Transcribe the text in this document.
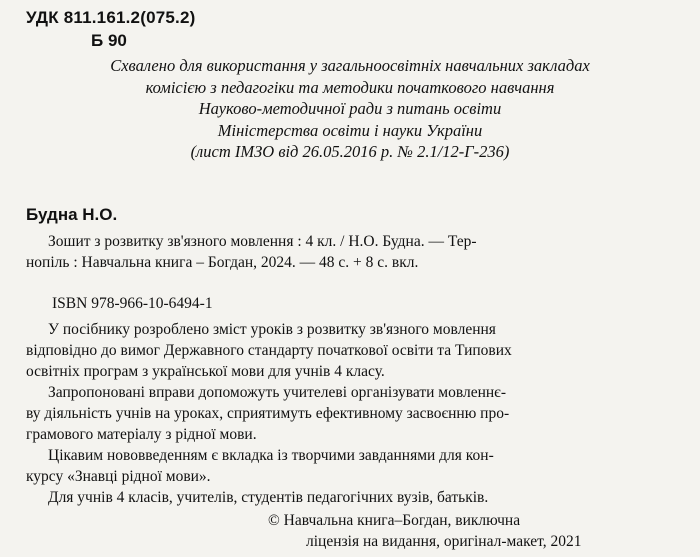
УДК 811.161.2(075.2)
Б 90
Схвалено для використання у загальноосвітніх навчальних закладах
комісією з педагогіки та методики початкового навчання
Науково-методичної ради з питань освіти
Міністерства освіти і науки України
(лист ІМЗО від 26.05.2016 р. № 2.1/12-Г-236)
Будна Н.О.
Зошит з розвитку зв'язного мовлення : 4 кл. / Н.О. Будна. — Тер-
нопіль : Навчальна книга – Богдан, 2024. — 48 с. + 8 с. вкл.
ISBN 978-966-10-6494-1
У посібнику розроблено зміст уроків з розвитку зв'язного мовлення
відповідно до вимог Державного стандарту початкової освіти та Типових
освітніх програм з української мови для учнів 4 класу.
Запропоновані вправи допоможуть учителеві організувати мовленнє-
ву діяльність учнів на уроках, сприятимуть ефективному засвоєнню про-
грамового матеріалу з рідної мови.
Цікавим нововведенням є вкладка із творчими завданнями для кон-
курсу «Знавці рідної мови».
Для учнів 4 класів, учителів, студентів педагогічних вузів, батьків.
© Навчальна книга–Богдан, виключна
ліцензія на видання, оригінал-макет, 2021
